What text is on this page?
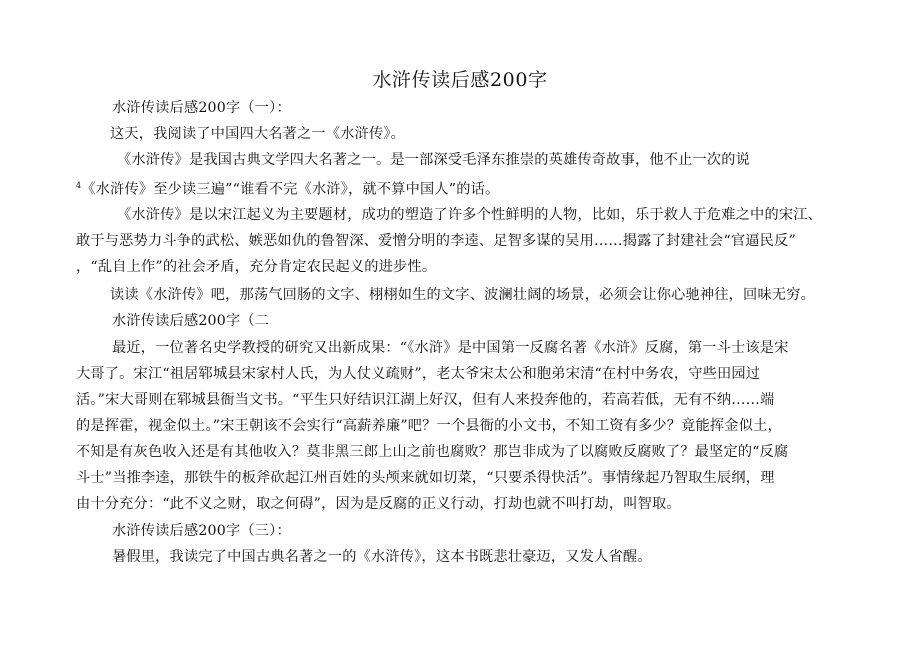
水浒传读后感200字
水浒传读后感200字（一）：
这天，我阅读了中国四大名著之一《水浒传》。
《水浒传》是我国古典文学四大名著之一。是一部深受毛泽东推崇的英雄传奇故事，他不止一次的说
$^4$《水浒传》至少读三遍”“谁看不完《水浒》，就不算中国人”的话。
《水浒传》是以宋江起义为主要题材，成功的塑造了许多个性鲜明的人物，比如，乐于救人于危难之中的宋江、
敢于与恶势力斗争的武松、嫉恶如仇的鲁智深、爱憎分明的李逵、足智多谋的吴用……揭露了封建社会“官逼民反”
，“乱自上作”的社会矛盾，充分肯定农民起义的进步性。
读读《水浒传》吧，那荡气回肠的文字、栩栩如生的文字、波澜壮阔的场景，必须会让你心驰神往，回味无穷。
水浒传读后感200字（二
最近，一位著名史学教授的研究又出新成果：“《水浒》是中国第一反腐名著《水浒》反腐，第一斗士该是宋
大哥了。宋江“祖居郓城县宋家村人氏，为人仗义疏财”，老太爷宋太公和胞弟宋清“在村中务农，守些田园过
活。”宋大哥则在郓城县衙当文书。“平生只好结识江湖上好汉，但有人来投奔他的，若高若低，无有不纳……端
的是挥霍，视金似土。”宋王朝该不会实行“高薪养廉”吧？一个县衙的小文书，不知工资有多少？竟能挥金似土，
不知是有灰色收入还是有其他收入？莫非黑三郎上山之前也腐败？那岂非成为了以腐败反腐败了？最坚定的“反腐
斗士”当推李逵，那铁牛的板斧砍起江州百姓的头颅来就如切菜，“只要杀得快活”。事情缘起乃智取生辰纲，理
由十分充分：“此不义之财，取之何碍”，因为是反腐的正义行动，打劫也就不叫打劫，叫智取。
水浒传读后感200字（三）：
暑假里，我读完了中国古典名著之一的《水浒传》，这本书既悲壮豪迈，又发人省醒。
